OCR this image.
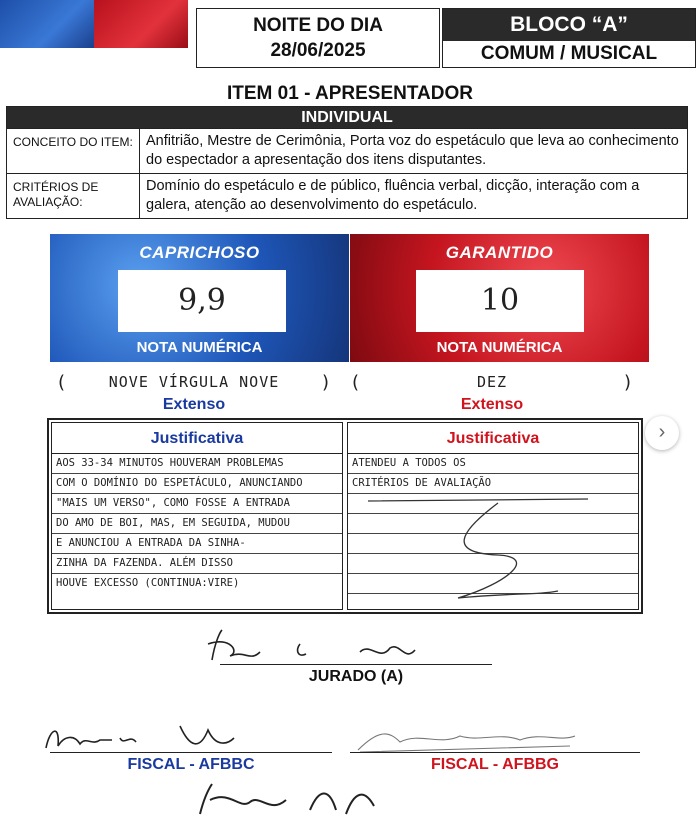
NOITE DO DIA
28/06/2025
BLOCO “A”
COMUM / MUSICAL
ITEM 01 - APRESENTADOR
INDIVIDUAL
CONCEITO DO ITEM: Anfitrião, Mestre de Cerimônia, Porta voz do espetáculo que leva ao conhecimento do espectador a apresentação dos itens disputantes.
CRITÉRIOS DE AVALIAÇÃO:
Domínio do espetáculo e de público, fluência verbal, dicção, interação com a galera, atenção ao desenvolvimento do espetáculo.
CAPRICHOSO
9,9
NOTA NUMÉRICA
GARANTIDO
10
NOTA NUMÉRICA
(	NOVE VÍRGULA NOVE	) (	DEZ	)
Extenso	Extenso
Justificativa
AOS 33-34 MINUTOS HOUVERAM PROBLEMAS
COM O DOMÍNIO DO ESPETÁCULO, ANUNCIANDO
"MAIS UM VERSO", COMO FOSSE A ENTRADA
DO AMO DE BOI, MAS, EM SEGUIDA, MUDOU
E ANUNCIOU A ENTRADA DA SINHA-
ZINHA DA FAZENDA. ALÉM DISSO
HOUVE EXCESSO (CONTINUA:VIRE)
Justificativa
ATENDEU A TODOS OS
CRITÉRIOS DE AVALIAÇÃO
›
JURADO (A)
FISCAL - AFBBC	FISCAL - AFBBG
